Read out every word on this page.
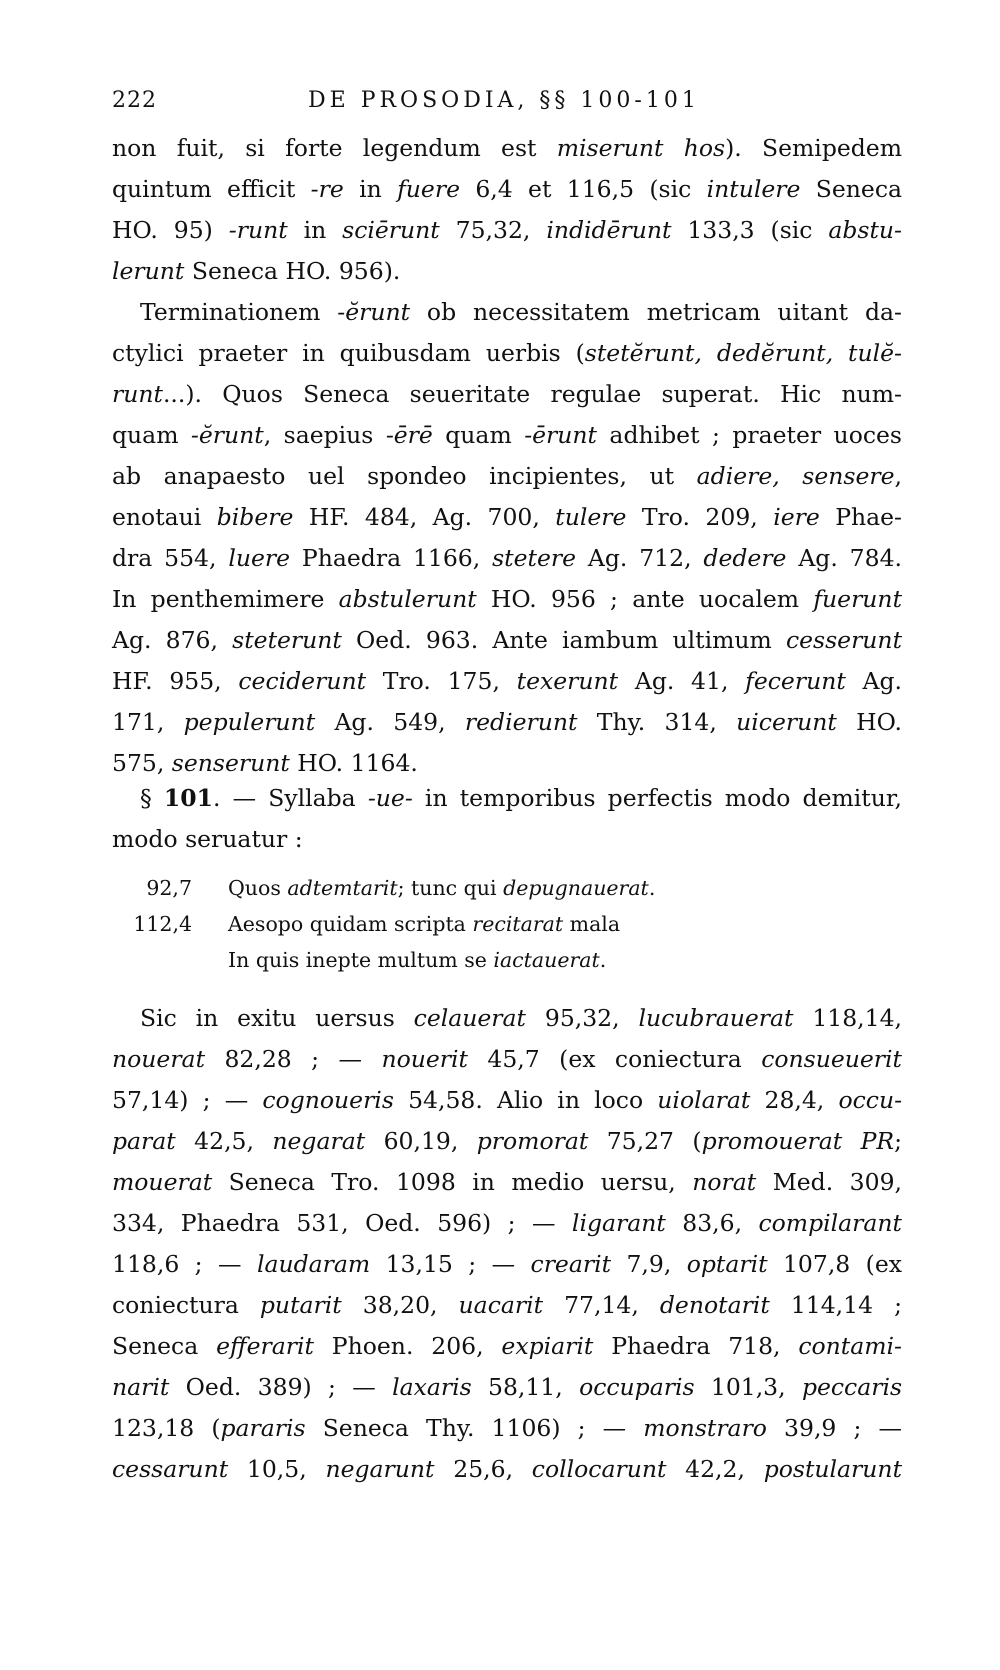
222	DE PROSODIA, §§ 100-101
non fuit, si forte legendum est miserunt hos). Semipedem
quintum efficit -re in fuere 6,4 et 116,5 (sic intulere Seneca
HO. 95) -runt in sciērunt 75,32, indidērunt 133,3 (sic abstu-
lerunt Seneca HO. 956).
Terminationem -ĕrunt ob necessitatem metricam uitant da-
ctylici praeter in quibusdam uerbis (stetĕrunt, dedĕrunt, tulĕ-
runt...). Quos Seneca seueritate regulae superat. Hic num-
quam -ĕrunt, saepius -ērē quam -ērunt adhibet ; praeter uoces
ab anapaesto uel spondeo incipientes, ut adiere, sensere,
enotaui bibere HF. 484, Ag. 700, tulere Tro. 209, iere Phae-
dra 554, luere Phaedra 1166, stetere Ag. 712, dedere Ag. 784.
In penthemimere abstulerunt HO. 956 ; ante uocalem fuerunt
Ag. 876, steterunt Oed. 963. Ante iambum ultimum cesserunt
HF. 955, ceciderunt Tro. 175, texerunt Ag. 41, fecerunt Ag.
171, pepulerunt Ag. 549, redierunt Thy. 314, uicerunt HO.
575, senserunt HO. 1164.
§ 101. — Syllaba -ue- in temporibus perfectis modo demitur,
modo seruatur :
92,7 Quos adtemtarit; tunc qui depugnauerat.
112,4 Aesopo quidam scripta recitarat mala
In quis inepte multum se iactauerat.
Sic in exitu uersus celauerat 95,32, lucubrauerat 118,14,
nouerat 82,28 ; — nouerit 45,7 (ex coniectura consueuerit
57,14) ; — cognoueris 54,58. Alio in loco uiolarat 28,4, occu-
parat 42,5, negarat 60,19, promorat 75,27 (promouerat PR;
mouerat Seneca Tro. 1098 in medio uersu, norat Med. 309,
334, Phaedra 531, Oed. 596) ; — ligarant 83,6, compilarant
118,6 ; — laudaram 13,15 ; — crearit 7,9, optarit 107,8 (ex
coniectura putarit 38,20, uacarit 77,14, denotarit 114,14 ;
Seneca efferarit Phoen. 206, expiarit Phaedra 718, contami-
narit Oed. 389) ; — laxaris 58,11, occuparis 101,3, peccaris
123,18 (pararis Seneca Thy. 1106) ; — monstraro 39,9 ; —
cessarunt 10,5, negarunt 25,6, collocarunt 42,2, postularunt
